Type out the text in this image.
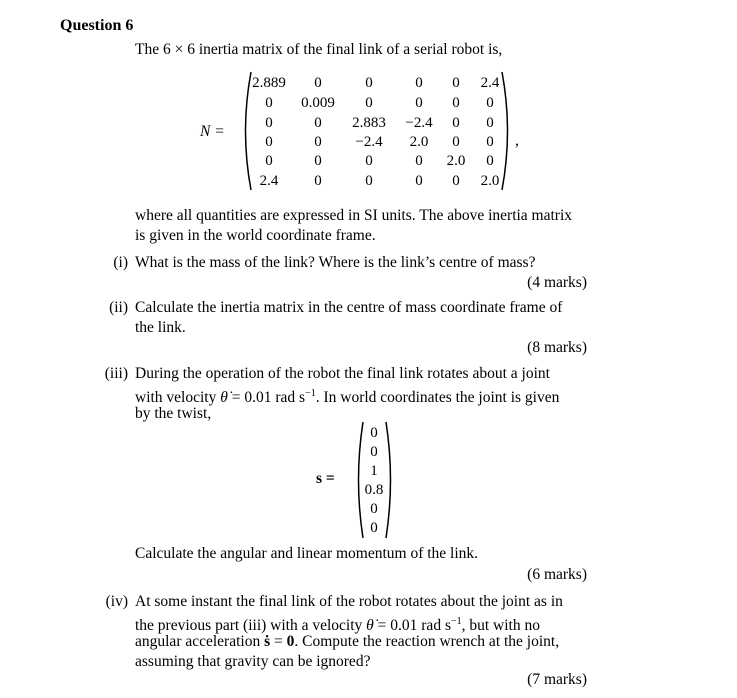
Question 6
The 6 × 6 inertia matrix of the final link of a serial robot is,
N =
2.889	0	0	0	0	2.4
0	0.009	0	0	0	0
0	0	2.883	−2.4	0	0
0	0	−2.4	2.0	0	0
0	0	0	0	2.0	0
2.4	0	0	0	0	2.0
,
where all quantities are expressed in SI units. The above inertia matrix
is given in the world coordinate frame.
(i) What is the mass of the link? Where is the link’s centre of mass?
(4 marks)
(ii) Calculate the inertia matrix in the centre of mass coordinate frame of
the link.
(8 marks)
(iii) During the operation of the robot the final link rotates about a joint
with velocity θ̇ = 0.01 rad $s^{-1}$. In world coordinates the joint is given
by the twist,
s =
0
0
1
0.8
0
0
Calculate the angular and linear momentum of the link.
(6 marks)
(iv) At some instant the final link of the robot rotates about the joint as in
the previous part (iii) with a velocity θ̇ = 0.01 rad $s^{-1}$, but with no
angular acceleration ṡ = 0. Compute the reaction wrench at the joint,
assuming that gravity can be ignored?
(7 marks)
